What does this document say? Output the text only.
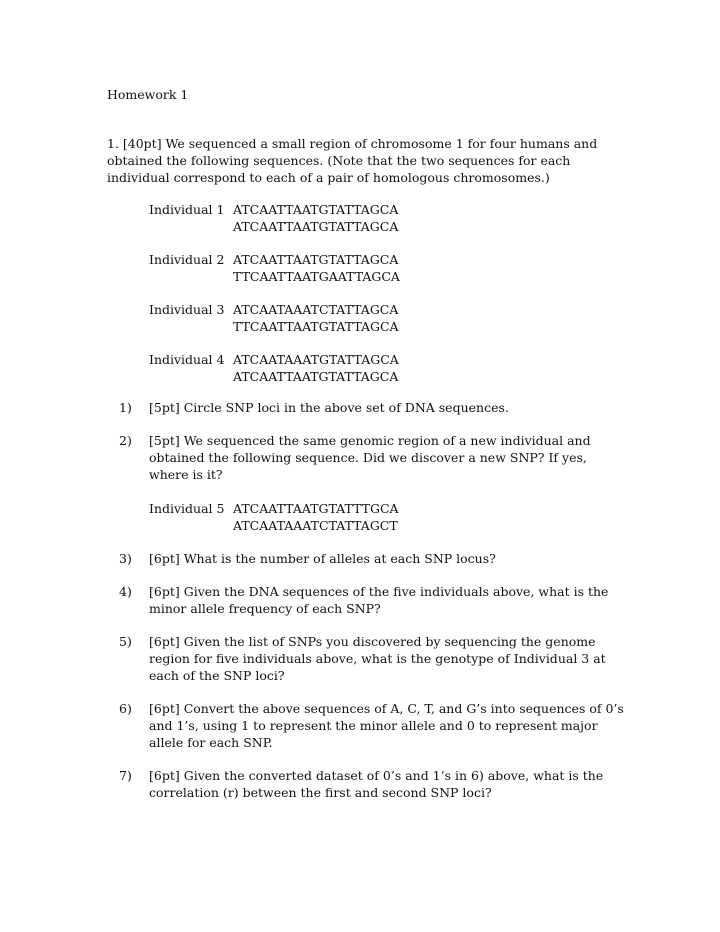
Homework 1

1. [40pt] We sequenced a small region of chromosome 1 for four humans and obtained the following sequences. (Note that the two sequences for each individual correspond to each of a pair of homologous chromosomes.)

Individual 1 ATCAATTAATGTATTAGCA
ATCAATTAATGTATTAGCA
Individual 2 ATCAATTAATGTATTAGCA
TTCAATTAATGAATTAGCA
Individual 3 ATCAATAAATCTATTAGCA
TTCAATTAATGTATTAGCA
Individual 4 ATCAATAAATGTATTAGCA
ATCAATTAATGTATTAGCA
1)	[5pt] Circle SNP loci in the above set of DNA sequences.

2)	[5pt] We sequenced the same genomic region of a new individual and obtained the following sequence. Did we discover a new SNP? If yes, where is it?

Individual 5 ATCAATTAATGTATTTGCA
ATCAATAAATCTATTAGCT
3)	[6pt] What is the number of alleles at each SNP locus?

4)	[6pt] Given the DNA sequences of the five individuals above, what is the minor allele frequency of each SNP?

5)	[6pt] Given the list of SNPs you discovered by sequencing the genome region for five individuals above, what is the genotype of Individual 3 at each of the SNP loci?

6)	[6pt] Convert the above sequences of A, C, T, and G’s into sequences of 0’s and 1’s, using 1 to represent the minor allele and 0 to represent major allele for each SNP.

7)	[6pt] Given the converted dataset of 0’s and 1’s in 6) above, what is the correlation (r) between the first and second SNP loci?
